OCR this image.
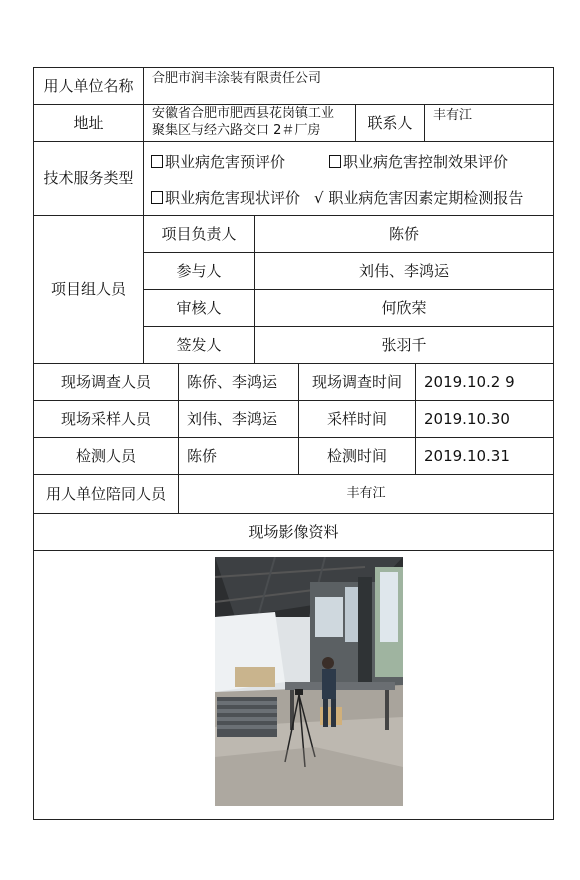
用人单位名称	合肥市润丰涂装有限责任公司
地址
安徽省合肥市肥西县花岗镇工业
聚集区与经六路交口 2＃厂房	联系人	丰有江
技术服务类型
职业病危害预评价	职业病危害控制效果评价
职业病危害现状评价 √ 职业病危害因素定期检测报告
项目组人员
项目负责人	陈侨
参与人	刘伟、李鸿运
审核人	何欣荣
签发人	张羽千
现场调查人员	陈侨、李鸿运	现场调查时间	2019.10.2 9
现场采样人员	刘伟、李鸿运	采样时间	2019.10.30
检测人员	陈侨	检测时间	2019.10.31
用人单位陪同人员	丰有江
现场影像资料
